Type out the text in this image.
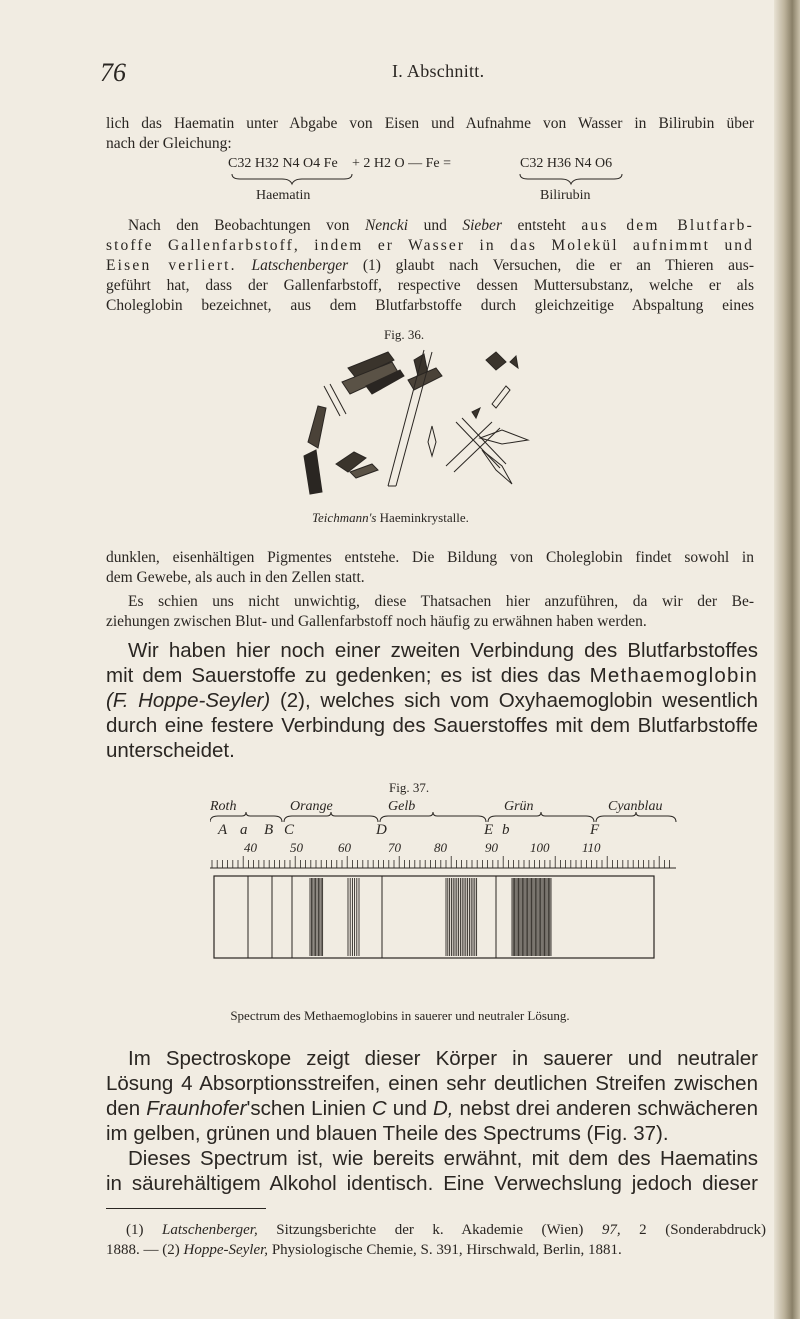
76	I. Abschnitt.
lich das Haematin unter Abgabe von Eisen und Aufnahme von Wasser in Bilirubin über
nach der Gleichung:
C32 H32 N4 O4 Fe + 2 H2 O — Fe =	C32 H36 N4 O6
Haematin	Bilirubin
Nach den Beobachtungen von Nencki und Sieber entsteht aus dem Blutfarb-
stoffe Gallenfarbstoff, indem er Wasser in das Molekül aufnimmt und
Eisen verliert. Latschenberger (1) glaubt nach Versuchen, die er an Thieren aus-
geführt hat, dass der Gallenfarbstoff, respective dessen Muttersubstanz, welche er als
Choleglobin bezeichnet, aus dem Blutfarbstoffe durch gleichzeitige Abspaltung eines
Fig. 36.
Teichmann's Haeminkrystalle.
dunklen, eisenhältigen Pigmentes entstehe. Die Bildung von Choleglobin findet sowohl in
dem Gewebe, als auch in den Zellen statt.
Es schien uns nicht unwichtig, diese Thatsachen hier anzuführen, da wir der Be-
ziehungen zwischen Blut- und Gallenfarbstoff noch häufig zu erwähnen haben werden.
Wir haben hier noch einer zweiten Verbindung des Blutfarbstoffes
mit dem Sauerstoffe zu gedenken; es ist dies das Methaemoglobin
(F. Hoppe-Seyler) (2), welches sich vom Oxyhaemoglobin wesentlich
durch eine festere Verbindung des Sauerstoffes mit dem Blutfarbstoffe
unterscheidet.
Fig. 37.
Roth	Orange	Gelb	Grün	Cyanblau
A a B C	D	E b	F
40	50	60	70	80	90 100	110
Spectrum des Methaemoglobins in sauerer und neutraler Lösung.
Im Spectroskope zeigt dieser Körper in sauerer und neutraler
Lösung 4 Absorptionsstreifen, einen sehr deutlichen Streifen zwischen
den Fraunhofer'schen Linien C und D, nebst drei anderen schwächeren
im gelben, grünen und blauen Theile des Spectrums (Fig. 37).
Dieses Spectrum ist, wie bereits erwähnt, mit dem des Haematins
in säurehältigem Alkohol identisch. Eine Verwechslung jedoch dieser
(1) Latschenberger, Sitzungsberichte der k. Akademie (Wien) 97, 2 (Sonderabdruck)
1888. — (2) Hoppe-Seyler, Physiologische Chemie, S. 391, Hirschwald, Berlin, 1881.
